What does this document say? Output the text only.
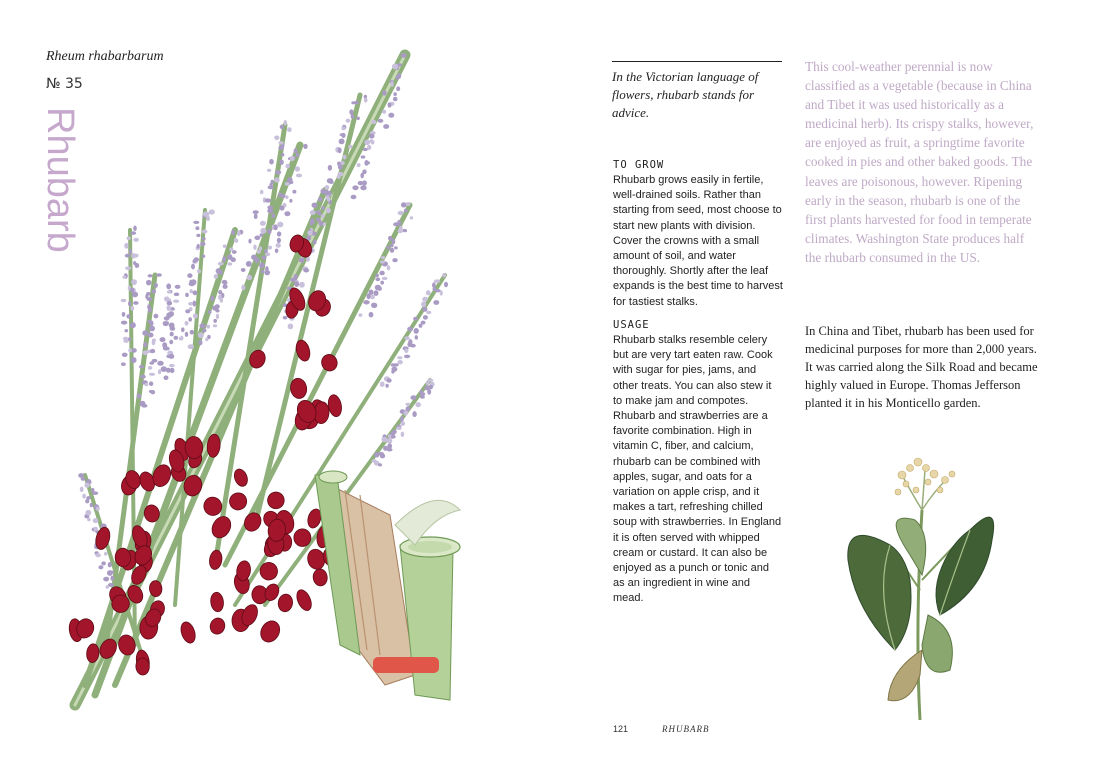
Rheum rhabarbarum
№ 35
Rhubarb
In the Victorian language of flowers, rhubarb stands for advice.
TO GROW
Rhubarb grows easily in fertile, well-drained soils. Rather than starting from seed, most choose to start new plants with division. Cover the crowns with a small amount of soil, and water thoroughly. Shortly after the leaf expands is the best time to harvest for tastiest stalks.
USAGE
Rhubarb stalks resemble celery but are very tart eaten raw. Cook with sugar for pies, jams, and other treats. You can also stew it to make jam and compotes. Rhubarb and strawberries are a favorite combination. High in vitamin C, fiber, and calcium, rhubarb can be combined with apples, sugar, and oats for a variation on apple crisp, and it makes a tart, refreshing chilled soup with strawberries. In England it is often served with whipped cream or custard. It can also be enjoyed as a punch or tonic and as an ingredient in wine and mead.
This cool-weather perennial is now classified as a vegetable (because in China and Tibet it was used historically as a medicinal herb). Its crispy stalks, however, are enjoyed as fruit, a springtime favorite cooked in pies and other baked goods. The leaves are poisonous, however. Ripening early in the season, rhubarb is one of the first plants harvested for food in temperate climates. Washington State produces half the rhubarb consumed in the US.
In China and Tibet, rhubarb has been used for medicinal purposes for more than 2,000 years. It was carried along the Silk Road and became highly valued in Europe. Thomas Jefferson planted it in his Monticello garden.
121	RHUBARB
